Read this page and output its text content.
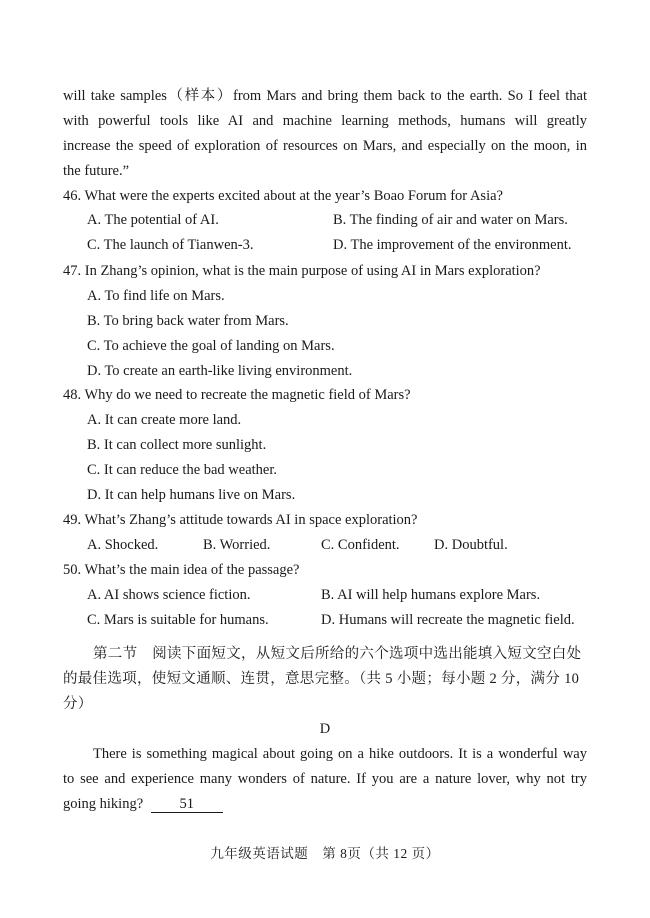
will take samples（样本）from Mars and bring them back to the earth. So I feel that
with powerful tools like AI and machine learning methods, humans will greatly
increase the speed of exploration of resources on Mars, and especially on the moon, in
the future.”
46. What were the experts excited about at the year’s Boao Forum for Asia?
A. The potential of AI.	B. The finding of air and water on Mars.
C. The launch of Tianwen-3.	D. The improvement of the environment.
47. In Zhang’s opinion, what is the main purpose of using AI in Mars exploration?
A. To find life on Mars.
B. To bring back water from Mars.
C. To achieve the goal of landing on Mars.
D. To create an earth-like living environment.
48. Why do we need to recreate the magnetic field of Mars?
A. It can create more land.
B. It can collect more sunlight.
C. It can reduce the bad weather.
D. It can help humans live on Mars.
49. What’s Zhang’s attitude towards AI in space exploration?
A. Shocked.	B. Worried.	C. Confident. D. Doubtful.
50. What’s the main idea of the passage?
A. AI shows science fiction.	B. AI will help humans explore Mars.
C. Mars is suitable for humans.	D. Humans will recreate the magnetic field.
第二节　阅读下面短文，从短文后所给的六个选项中选出能填入短文空白处
的最佳选项，使短文通顺、连贯，意思完整。（共 5 小题；每小题 2 分，满分 10
分）
D
There is something magical about going on a hike outdoors. It is a wonderful way
to see and experience many wonders of nature. If you are a nature lover, why not try
going hiking?	51
九年级英语试题　第 8页（共 12 页）
